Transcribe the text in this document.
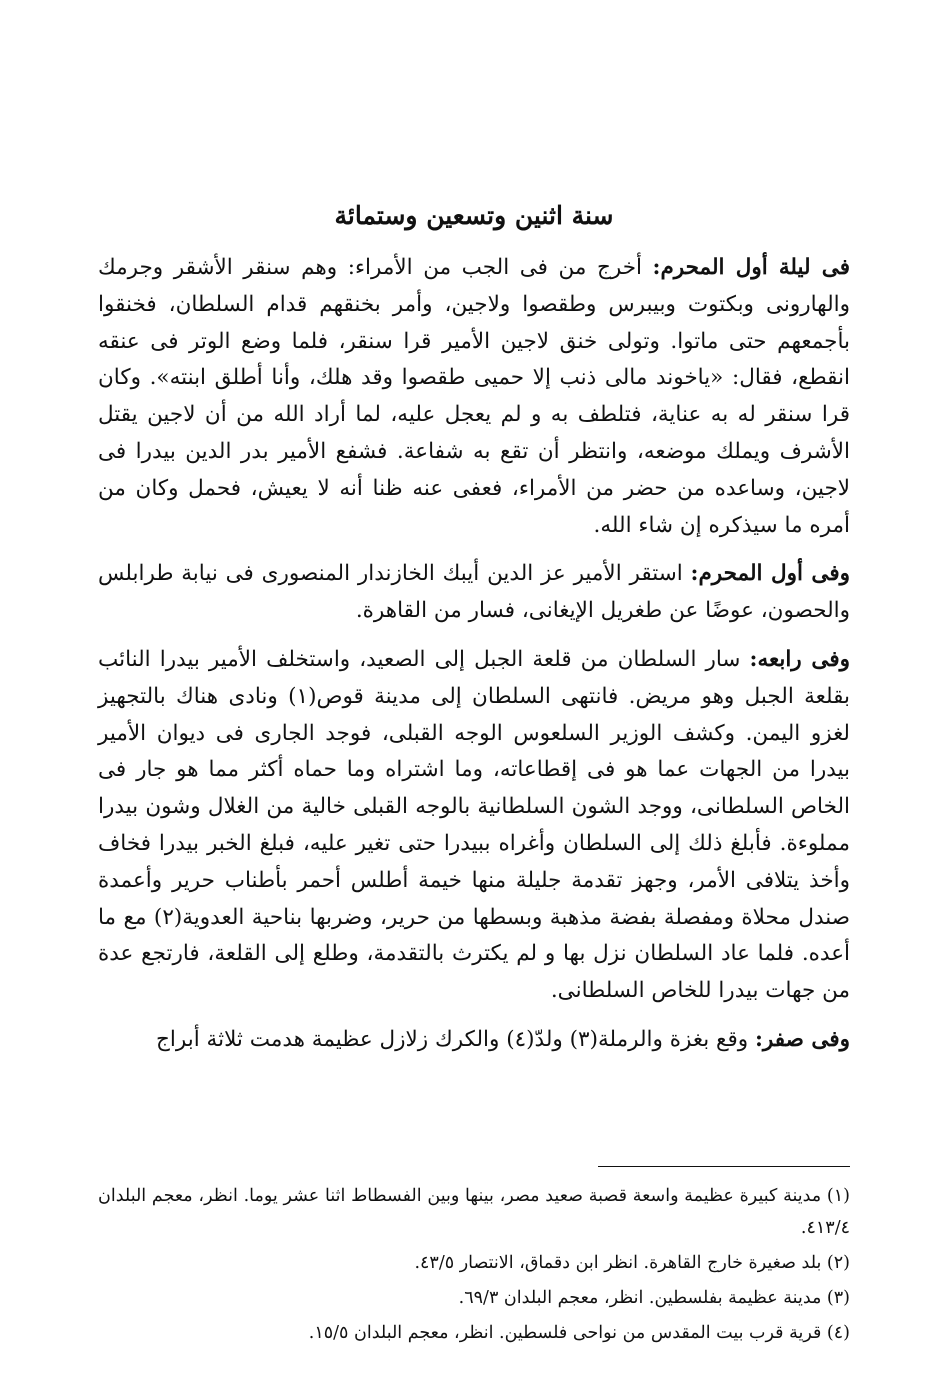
سنة اثنين وتسعين وستمائة

فى ليلة أول المحرم: أخرج من فى الجب من الأمراء: وهم سنقر الأشقر وجرمك والهارونى وبكتوت وبيبرس وطقصوا ولاجين، وأمر بخنقهم قدام السلطان، فخنقوا بأجمعهم حتى ماتوا. وتولى خنق لاجين الأمير قرا سنقر، فلما وضع الوتر فى عنقه انقطع، فقال: «ياخوند مالى ذنب إلا حميى طقصوا وقد هلك، وأنا أطلق ابنته». وكان قرا سنقر له به عناية، فتلطف به و لم يعجل عليه، لما أراد الله من أن لاجين يقتل الأشرف ويملك موضعه، وانتظر أن تقع به شفاعة. فشفع الأمير بدر الدين بيدرا فى لاجين، وساعده من حضر من الأمراء، فعفى عنه ظنا أنه لا يعيش، فحمل وكان من أمره ما سيذكره إن شاء الله.

وفى أول المحرم: استقر الأمير عز الدين أيبك الخازندار المنصورى فى نيابة طرابلس والحصون، عوضًا عن طغريل الإيغانى، فسار من القاهرة.

وفى رابعه: سار السلطان من قلعة الجبل إلى الصعيد، واستخلف الأمير بيدرا النائب بقلعة الجبل وهو مريض. فانتهى السلطان إلى مدينة قوص(١) ونادى هناك بالتجهيز لغزو اليمن. وكشف الوزير السلعوس الوجه القبلى، فوجد الجارى فى ديوان الأمير بيدرا من الجهات عما هو فى إقطاعاته، وما اشتراه وما حماه أكثر مما هو جار فى الخاص السلطانى، ووجد الشون السلطانية بالوجه القبلى خالية من الغلال وشون بيدرا مملوءة. فأبلغ ذلك إلى السلطان وأغراه ببيدرا حتى تغير عليه، فبلغ الخبر بيدرا فخاف وأخذ يتلافى الأمر، وجهز تقدمة جليلة منها خيمة أطلس أحمر بأطناب حرير وأعمدة صندل محلاة ومفصلة بفضة مذهبة وبسطها من حرير، وضربها بناحية العدوية(٢) مع ما أعده. فلما عاد السلطان نزل بها و لم يكترث بالتقدمة، وطلع إلى القلعة، فارتجع عدة من جهات بيدرا للخاص السلطانى.

وفى صفر: وقع بغزة والرملة(٣) ولدّ(٤) والكرك زلازل عظيمة هدمت ثلاثة أبراج

(١) مدينة كبيرة عظيمة واسعة قصبة صعيد مصر، بينها وبين الفسطاط اثنا عشر يوما. انظر، معجم البلدان ٤١٣/٤.

(٢) بلد صغيرة خارج القاهرة. انظر ابن دقماق، الانتصار ٤٣/٥.

(٣) مدينة عظيمة بفلسطين. انظر، معجم البلدان ٦٩/٣.

(٤) قرية قرب بيت المقدس من نواحى فلسطين. انظر، معجم البلدان ١٥/٥.
